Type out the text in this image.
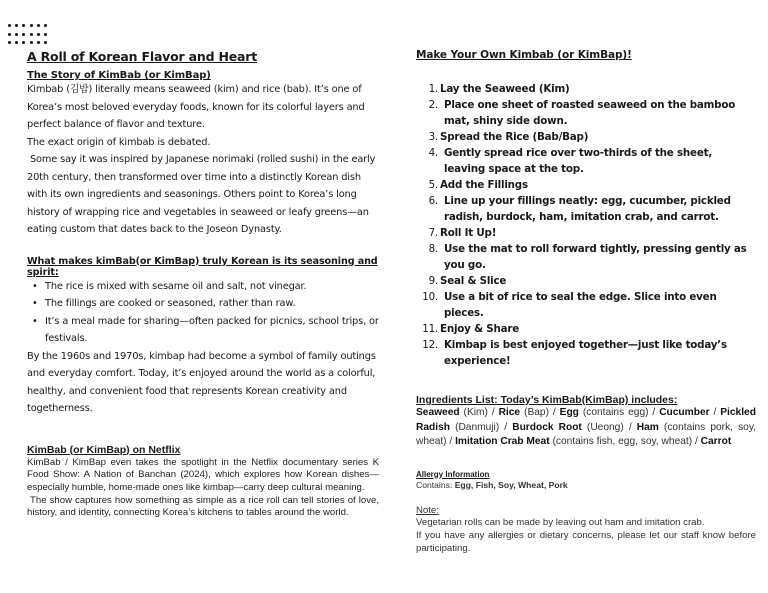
A Roll of Korean Flavor and Heart
The Story of KimBab (or KimBap)

Kimbab (김밥) literally means seaweed (kim) and rice (bab). It’s one of Korea’s most beloved everyday foods, known for its colorful layers and perfect balance of flavor and texture.

The exact origin of kimbab is debated.

Some say it was inspired by Japanese norimaki (rolled sushi) in the early 20th century, then transformed over time into a distinctly Korean dish with its own ingredients and seasonings. Others point to Korea’s long history of wrapping rice and vegetables in seaweed or leafy greens—an eating custom that dates back to the Joseon Dynasty.

What makes kimBab(or KimBap) truly Korean is its seasoning and spirit:
• The rice is mixed with sesame oil and salt, not vinegar.
• The fillings are cooked or seasoned, rather than raw.
• It’s a meal made for sharing—often packed for picnics, school trips, or festivals.

By the 1960s and 1970s, kimbap had become a symbol of family outings and everyday comfort. Today, it’s enjoyed around the world as a colorful, healthy, and convenient food that represents Korean creativity and togetherness.

KimBab (or KimBap) on Netflix

KimBab / KimBap even takes the spotlight in the Netflix documentary series K Food Show: A Nation of Banchan (2024), which explores how Korean dishes—especially humble, home-made ones like kimbap—carry deep cultural meaning.

The show captures how something as simple as a rice roll can tell stories of love, history, and identity, connecting Korea’s kitchens to tables around the world.

Make Your Own Kimbab (or KimBap)!
1. Lay the Seaweed (Kim)
2. Place one sheet of roasted seaweed on the bamboo mat, shiny side down.
3. Spread the Rice (Bab/Bap)
4. Gently spread rice over two-thirds of the sheet, leaving space at the top.
5. Add the Fillings
6. Line up your fillings neatly: egg, cucumber, pickled radish, burdock, ham, imitation crab, and carrot.
7. Roll It Up!
8. Use the mat to roll forward tightly, pressing gently as you go.
9. Seal & Slice
10. Use a bit of rice to seal the edge. Slice into even pieces.
11. Enjoy & Share
12. Kimbap is best enjoyed together—just like today’s experience!
Ingredients List: Today’s KimBab(KimBap) includes:

Seaweed (Kim) / Rice (Bap) / Egg (contains egg) / Cucumber / Pickled Radish (Danmuji) / Burdock Root (Ueong) / Ham (contains pork, soy, wheat) / Imitation Crab Meat (contains fish, egg, soy, wheat) / Carrot

Allergy Information

Contains: Egg, Fish, Soy, Wheat, Pork

Note:

Vegetarian rolls can be made by leaving out ham and imitation crab.

If you have any allergies or dietary concerns, please let our staff know before participating.
